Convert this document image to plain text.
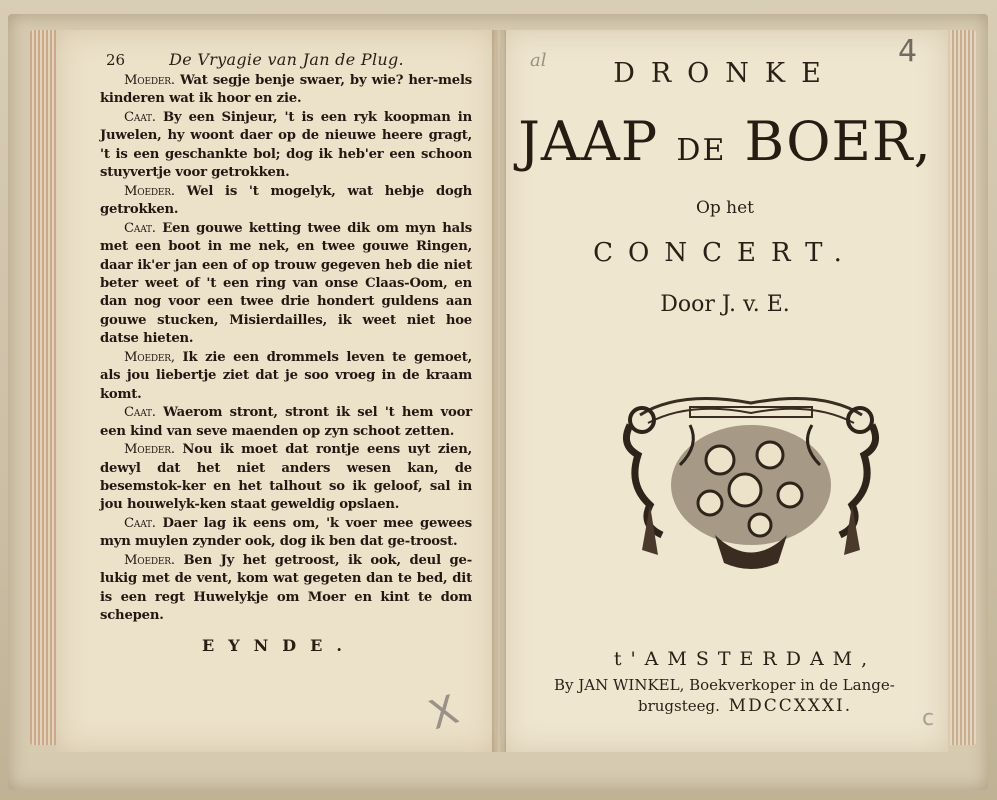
26	De Vryagie van Jan de Plug.

Moeder. Wat segje benje swaer, by wie? her-mels kinderen wat ik hoor en zie.

Caat. By een Sinjeur, 't is een ryk koopman in Juwelen, hy woont daer op de nieuwe heere gragt, 't is een geschankte bol; dog ik heb'er een schoon stuyvertje voor getrokken.

Moeder. Wel is 't mogelyk, wat hebje dogh getrokken.

Caat. Een gouwe ketting twee dik om myn hals met een boot in me nek, en twee gouwe Ringen, daar ik'er jan een of op trouw gegeven heb die niet beter weet of 't een ring van onse Claas-Oom, en dan nog voor een twee drie hondert guldens aan gouwe stucken, Misierdailles, ik weet niet hoe datse hieten.

Moeder, Ik zie een drommels leven te gemoet, als jou liebertje ziet dat je soo vroeg in de kraam komt.

Caat. Waerom stront, stront ik sel 't hem voor een kind van seve maenden op zyn schoot zetten.

Moeder. Nou ik moet dat rontje eens uyt zien, dewyl dat het niet anders wesen kan, de besemstok-ker en het talhout so ik geloof, sal in jou houwelyk-ken staat geweldig opslaen.

Caat. Daer lag ik eens om, 'k voer mee gewees myn muylen zynder ook, dog ik ben dat ge-troost.

Moeder. Ben Jy het getroost, ik ook, deul ge-lukig met de vent, kom wat gegeten dan te bed, dit is een regt Huwelykje om Moer en kint te dom schepen.

EYNDE.
X
al	4
DRONKE
JAAP DE BOER,
Op het
CONCERT.
Door J. v. E.
t'AMSTERDAM,
By JAN WINKEL, Boekverkoper in de Lange-
brugsteeg. MDCCXXXI.	c
